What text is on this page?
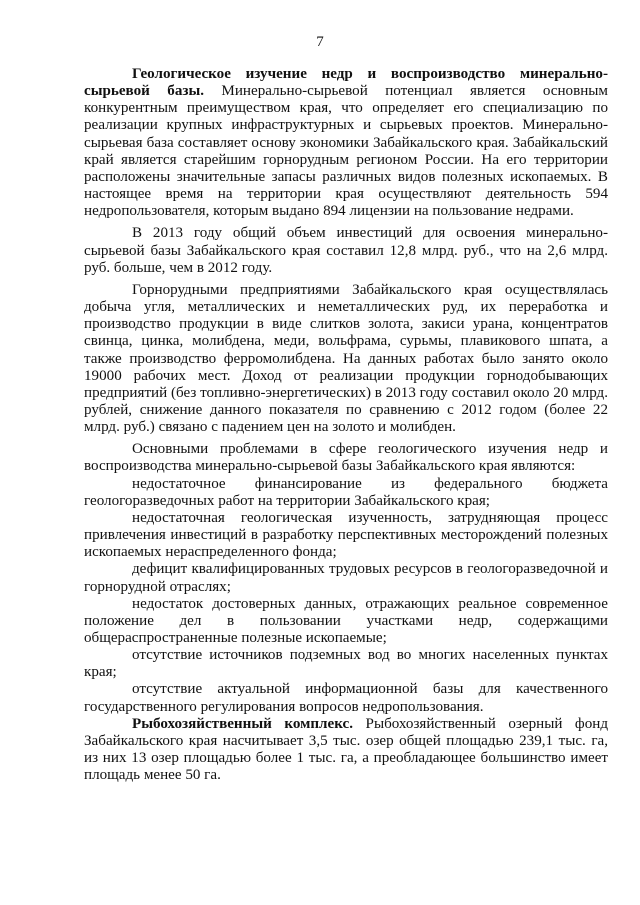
7

Геологическое изучение недр и воспроизводство минерально-сырьевой базы. Минерально-сырьевой потенциал является основным конкурентным преимуществом края, что определяет его специализацию по реализации крупных инфраструктурных и сырьевых проектов. Минерально-сырьевая база составляет основу экономики Забайкальского края. Забайкальский край является старейшим горнорудным регионом России. На его территории расположены значительные запасы различных видов полезных ископаемых. В настоящее время на территории края осуществляют деятельность 594 недропользователя, которым выдано 894 лицензии на пользование недрами.

В 2013 году общий объем инвестиций для освоения минерально-сырьевой базы Забайкальского края составил 12,8 млрд. руб., что на 2,6 млрд. руб. больше, чем в 2012 году.

Горнорудными предприятиями Забайкальского края осуществлялась добыча угля, металлических и неметаллических руд, их переработка и производство продукции в виде слитков золота, закиси урана, концентратов свинца, цинка, молибдена, меди, вольфрама, сурьмы, плавикового шпата, а также производство ферромолибдена. На данных работах было занято около 19000 рабочих мест. Доход от реализации продукции горнодобывающих предприятий (без топливно-энергетических) в 2013 году составил около 20 млрд. рублей, снижение данного показателя по сравнению с 2012 годом (более 22 млрд. руб.) связано с падением цен на золото и молибден.

Основными проблемами в сфере геологического изучения недр и воспроизводства минерально-сырьевой базы Забайкальского края являются:

недостаточное финансирование из федерального бюджета геологоразведочных работ на территории Забайкальского края;

недостаточная геологическая изученность, затрудняющая процесс привлечения инвестиций в разработку перспективных месторождений полезных ископаемых нераспределенного фонда;

дефицит квалифицированных трудовых ресурсов в геологоразведочной и горнорудной отраслях;

недостаток достоверных данных, отражающих реальное современное положение дел в пользовании участками недр, содержащими общераспространенные полезные ископаемые;

отсутствие источников подземных вод во многих населенных пунктах края;

отсутствие актуальной информационной базы для качественного государственного регулирования вопросов недропользования.

Рыбохозяйственный комплекс. Рыбохозяйственный озерный фонд Забайкальского края насчитывает 3,5 тыс. озер общей площадью 239,1 тыс. га, из них 13 озер площадью более 1 тыс. га, а преобладающее большинство имеет площадь менее 50 га.
